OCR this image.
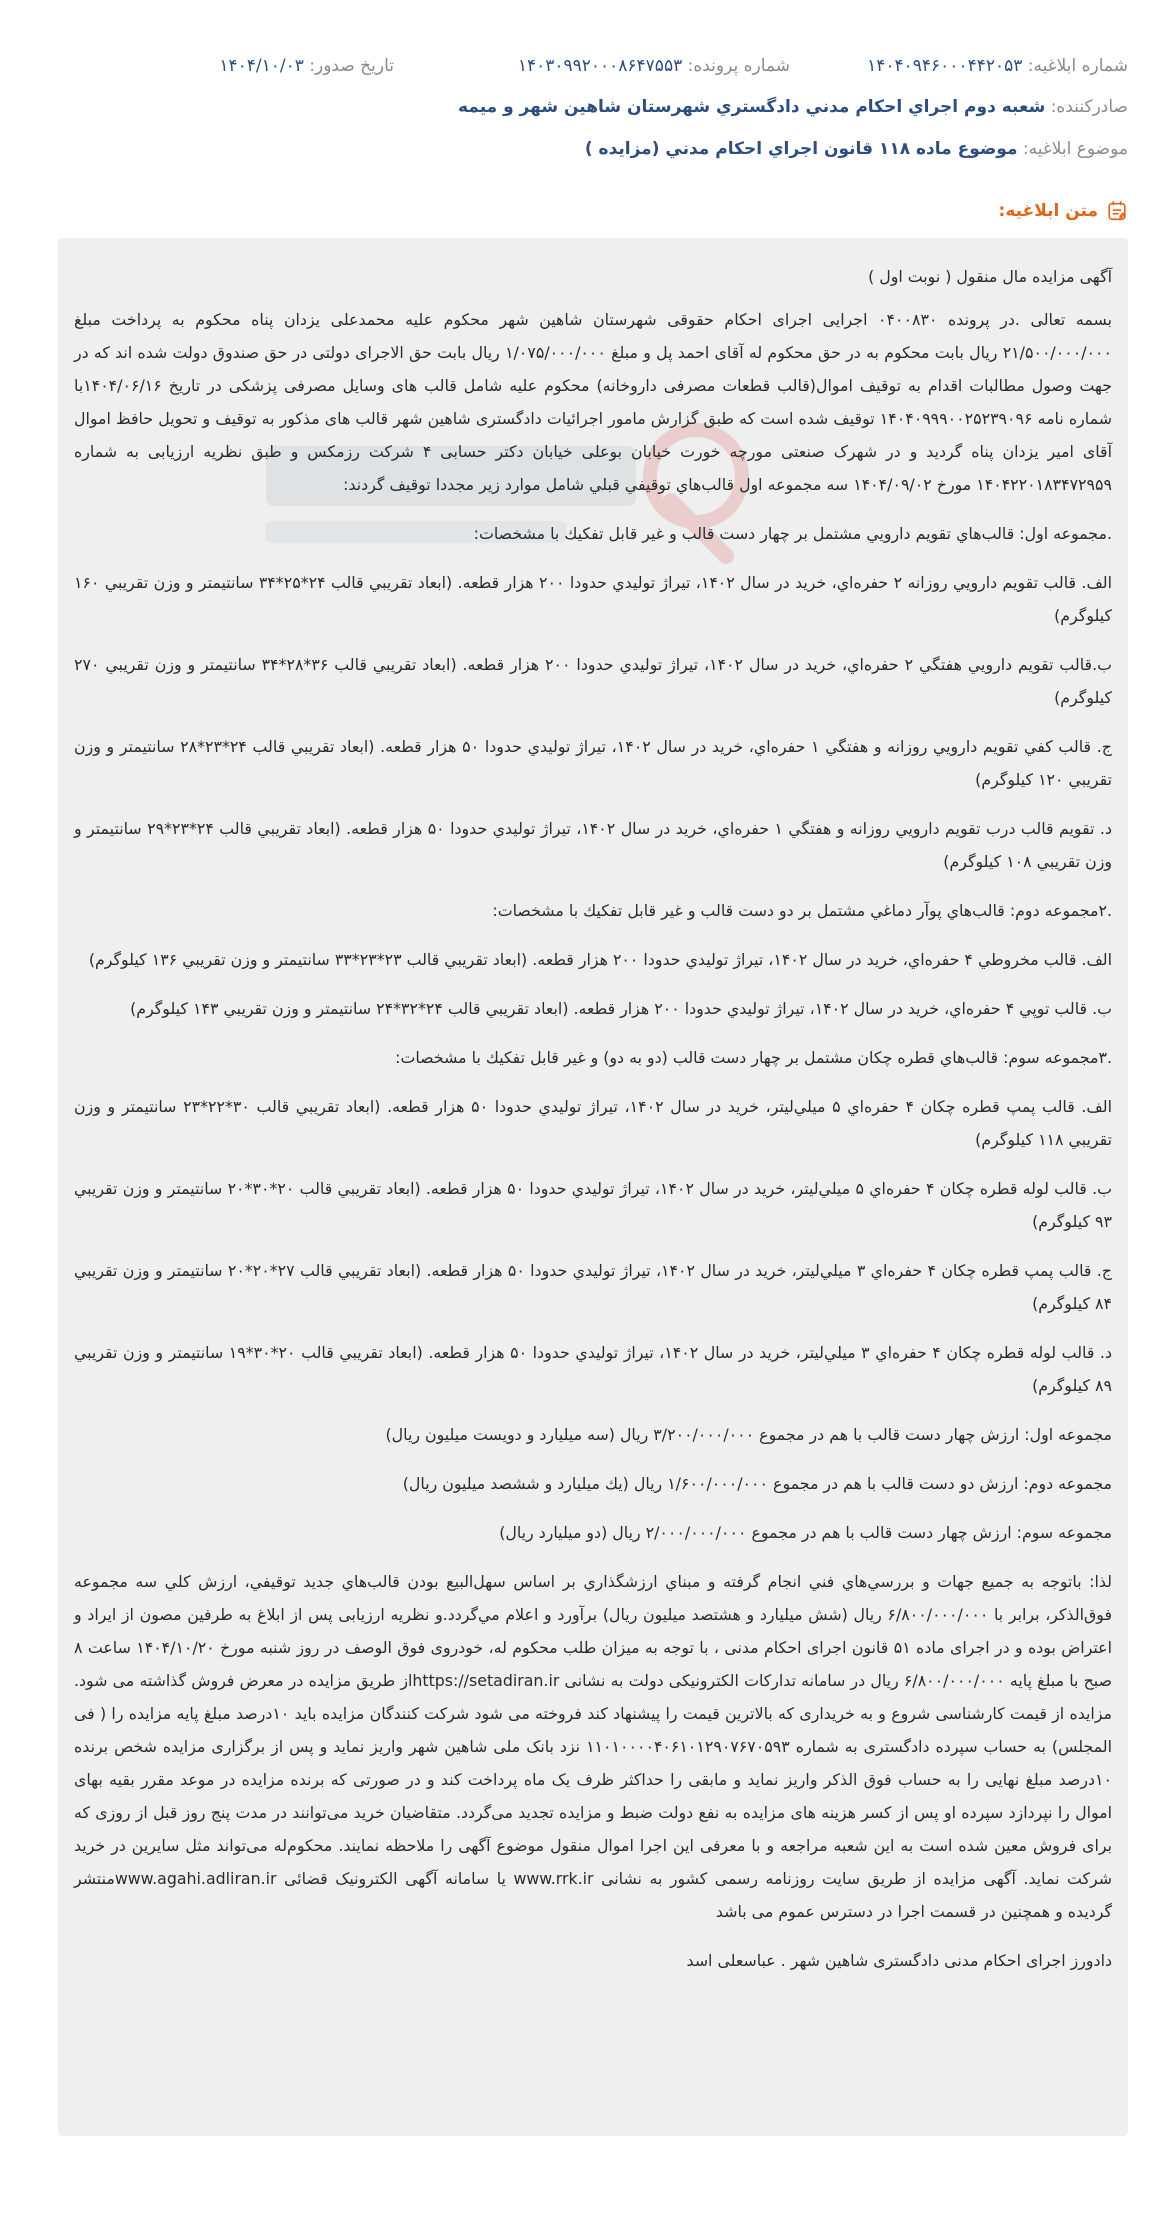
شماره ابلاغیه: ۱۴۰۴۰۹۴۶۰۰۰۴۴۲۰۵۳
شماره پرونده: ۱۴۰۳۰۹۹۲۰۰۰۸۶۴۷۵۵۳
تاریخ صدور: ۱۴۰۴/۱۰/۰۳
صادرکننده: شعبه دوم اجراي احكام مدني دادگستري شهرستان شاهين شهر و ميمه
موضوع ابلاغیه: موضوع ماده ۱۱۸ قانون اجراي احكام مدني (مزايده )
متن ابلاغیه:

آگهی مزایده مال منقول ( نوبت اول )

بسمه تعالی .در پرونده ۰۴۰۰۸۳۰ اجرایی اجرای احکام حقوقی شهرستان شاهین شهر محکوم علیه محمدعلی یزدان پناه محکوم به پرداخت مبلغ ۲۱/۵۰۰/۰۰۰/۰۰۰ ریال بابت محکوم به در حق محکوم له آقای احمد پل و مبلغ ۱/۰۷۵/۰۰۰/۰۰۰ ریال بابت حق الاجرای دولتی در حق صندوق دولت شده اند که در جهت وصول مطالبات اقدام به توقیف اموال(قالب قطعات مصرفی داروخانه) محکوم علیه شامل قالب های وسایل مصرفی پزشکی در تاریخ ۱۴۰۴/۰۶/۱۶با شماره نامه ۱۴۰۴۰۹۹۹۰۰۲۵۲۳۹۰۹۶ توقیف شده است که طبق گزارش مامور اجرائیات دادگستری شاهین شهر قالب های مذکور به توقیف و تحویل حافظ اموال آقای امیر یزدان پناه گردید و در شهرک صنعتی مورچه خورت خیابان بوعلی خیابان دکتر حسابی ۴ شرکت رزمکس و طبق نظریه ارزیابی به شماره ۱۴۰۴۲۲۰۱۸۳۴۷۲۹۵۹ مورخ ۱۴۰۴/۰۹/۰۲ سه مجموعه اول قالب‌هاي توقيفي قبلي شامل موارد زیر مجددا توقيف گردند:

.مجموعه اول: قالب‌هاي تقويم دارويي مشتمل بر چهار دست قالب و غير قابل تفكيك با مشخصات:

الف. قالب تقويم دارويي روزانه ۲ حفره‌اي، خريد در سال ۱۴۰۲، تيراژ توليدي حدودا ۲۰۰ هزار قطعه. (ابعاد تقريبي قالب ۲۴*۲۵*۳۴ سانتيمتر و وزن تقريبي ۱۶۰ كيلوگرم)

ب.قالب تقويم دارويي هفتگي ۲ حفره‌اي، خريد در سال ۱۴۰۲، تيراژ توليدي حدودا ۲۰۰ هزار قطعه. (ابعاد تقريبي قالب ۳۶*۲۸*۳۴ سانتيمتر و وزن تقريبي ۲۷۰ كيلوگرم)

ج. قالب كفي تقويم دارويي روزانه و هفتگي ۱ حفره‌اي، خريد در سال ۱۴۰۲، تيراژ توليدي حدودا ۵۰ هزار قطعه. (ابعاد تقريبي قالب ۲۴*۲۳*۲۸ سانتيمتر و وزن تقريبي ۱۲۰ كيلوگرم)

د. تقويم قالب درب تقويم دارويي روزانه و هفتگي ۱ حفره‌اي، خريد در سال ۱۴۰۲، تيراژ توليدي حدودا ۵۰ هزار قطعه. (ابعاد تقريبي قالب ۲۴*۲۳*۲۹ سانتيمتر و وزن تقريبي ۱۰۸ كيلوگرم)

.۲مجموعه دوم: قالب‌هاي پوآر دماغي مشتمل بر دو دست قالب و غير قابل تفكيك با مشخصات:

الف. قالب مخروطي ۴ حفره‌اي، خريد در سال ۱۴۰۲، تيراژ توليدي حدودا ۲۰۰ هزار قطعه. (ابعاد تقريبي قالب ۲۳*۲۳*۳۳ سانتيمتر و وزن تقريبي ۱۳۶ كيلوگرم)

ب. قالب توپي ۴ حفره‌اي، خريد در سال ۱۴۰۲، تيراژ توليدي حدودا ۲۰۰ هزار قطعه. (ابعاد تقريبي قالب ۲۴*۳۲*۲۴ سانتيمتر و وزن تقريبي ۱۴۳ كيلوگرم)

.۳مجموعه سوم: قالب‌هاي قطره چكان مشتمل بر چهار دست قالب (دو به دو) و غير قابل تفكيك با مشخصات:

الف. قالب پمپ قطره چكان ۴ حفره‌اي ۵ ميلي‌ليتر، خريد در سال ۱۴۰۲، تيراژ توليدي حدودا ۵۰ هزار قطعه. (ابعاد تقريبي قالب ۳۰*۲۲*۲۳ سانتيمتر و وزن تقريبي ۱۱۸ كيلوگرم)

ب. قالب لوله قطره چكان ۴ حفره‌اي ۵ ميلي‌ليتر، خريد در سال ۱۴۰۲، تيراژ توليدي حدودا ۵۰ هزار قطعه. (ابعاد تقريبي قالب ۲۰*۳۰*۲۰ سانتيمتر و وزن تقريبي ۹۳ كيلوگرم)

ج. قالب پمپ قطره چكان ۴ حفره‌اي ۳ ميلي‌ليتر، خريد در سال ۱۴۰۲، تيراژ توليدي حدودا ۵۰ هزار قطعه. (ابعاد تقريبي قالب ۲۷*۲۰*۲۰ سانتيمتر و وزن تقريبي ۸۴ كيلوگرم)

د. قالب لوله قطره چكان ۴ حفره‌اي ۳ ميلي‌ليتر، خريد در سال ۱۴۰۲، تيراژ توليدي حدودا ۵۰ هزار قطعه. (ابعاد تقريبي قالب ۲۰*۳۰*۱۹ سانتيمتر و وزن تقريبي ۸۹ كيلوگرم)

مجموعه اول: ارزش چهار دست قالب با هم در مجموع ۳/۲۰۰/۰۰۰/۰۰۰ ريال (سه ميليارد و دويست ميليون ريال)

مجموعه دوم: ارزش دو دست قالب با هم در مجموع ۱/۶۰۰/۰۰۰/۰۰۰ ريال (يك ميليارد و ششصد ميليون ريال)

مجموعه سوم: ارزش چهار دست قالب با هم در مجموع ۲/۰۰۰/۰۰۰/۰۰۰ ريال (دو ميليارد ريال)

لذا: باتوجه به جميع جهات و بررسي‌هاي فني انجام گرفته و مبناي ارزشگذاري بر اساس سهل‌البيع بودن قالب‌هاي جديد توقيفي، ارزش كلي سه مجموعه فوق‌الذكر، برابر با ۶/۸۰۰/۰۰۰/۰۰۰ ريال (شش ميليارد و هشتصد ميليون ريال) برآورد و اعلام مي‌گردد.و نظریه ارزیابی پس از ابلاغ به طرفین مصون از ایراد و اعتراض بوده و در اجرای ماده ۵۱ قانون اجرای احکام مدنی ، با توجه به میزان طلب محکوم له، خودروی فوق الوصف در روز شنبه مورخ ۱۴۰۴/۱۰/۲۰ ساعت ۸ صبح با مبلغ پایه ۶/۸۰۰/۰۰۰/۰۰۰ ریال در سامانه تدارکات الکترونیکی دولت به نشانی https://setadiran.irاز طریق مزایده در معرض فروش گذاشته می شود. مزایده از قیمت کارشناسی شروع و به خریداری که بالاترین قیمت را پیشنهاد کند فروخته می شود شرکت کنندگان مزایده باید ۱۰درصد مبلغ پایه مزایده را ( فی المجلس) به حساب سپرده دادگستری به شماره ۱۱۰۱۰۰۰۰۴۰۶۱۰۱۲۹۰۷۶۷۰۵۹۳ نزد بانک ملی شاهین شهر واریز نماید و پس از برگزاری مزایده شخص برنده ۱۰درصد مبلغ نهایی را به حساب فوق الذکر واریز نماید و مابقی را حداکثر ظرف یک ماه پرداخت کند و در صورتی که برنده مزایده در موعد مقرر بقیه بهای اموال را نپردازد سپرده او پس از کسر هزینه های مزایده به نفع دولت ضبط و مزایده تجدید می‌گردد. متقاضیان خرید می‌توانند در مدت پنج روز قبل از روزی که برای فروش معین شده است به این شعبه مراجعه و با معرفی این اجرا اموال منقول موضوع آگهی را ملاحظه نمایند. محکوم‌له می‌تواند مثل سایرین در خرید شرکت نماید. آگهی مزایده از طریق سایت روزنامه رسمی کشور به نشانی www.rrk.ir یا سامانه آگهی الکترونیک قضائی www.agahi.adliran.irمنتشر گردیده و همچنین در قسمت اجرا در دسترس عموم می باشد

دادورز اجرای احکام مدنی دادگستری شاهین شهر . عباسعلی اسد
